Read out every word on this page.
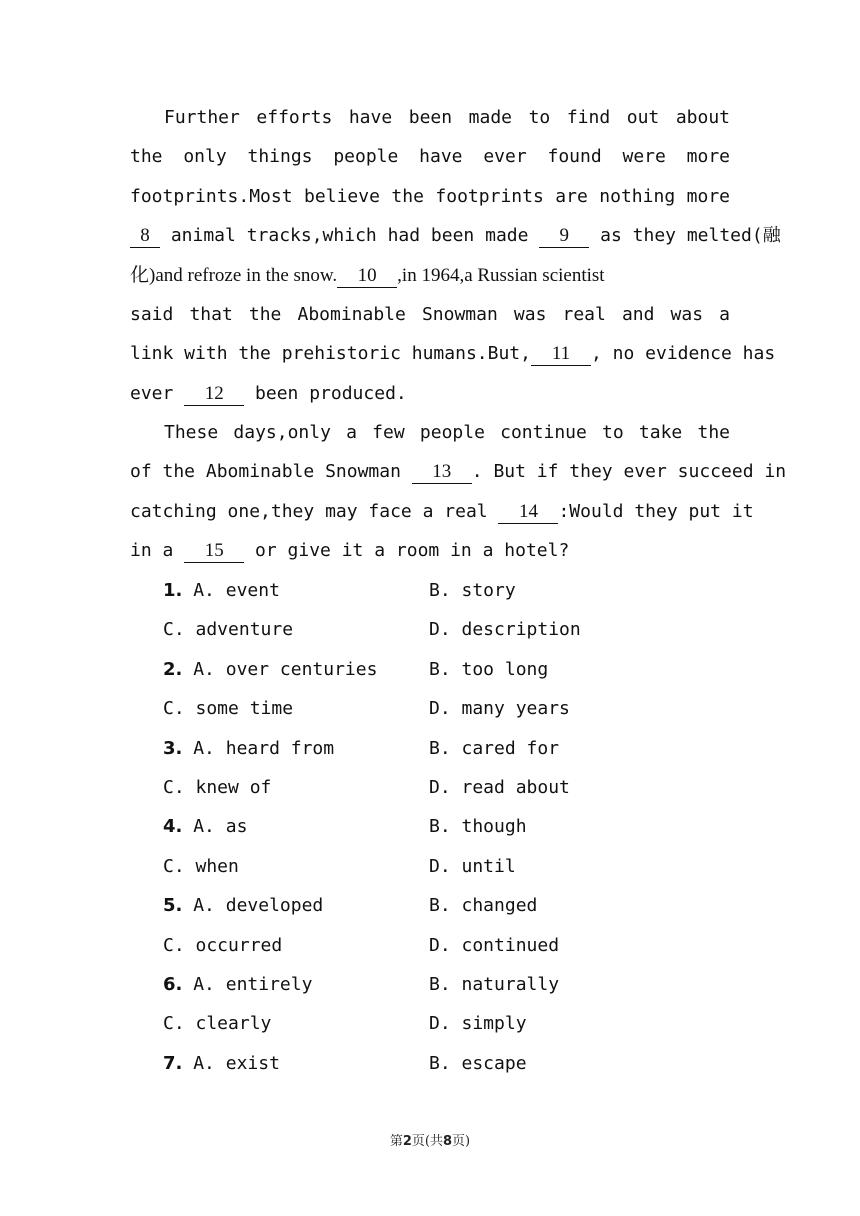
Further efforts have been made to find out about
the only things people have ever found were more
footprints.Most believe the footprints are nothing more
8 animal tracks,which had been made 9 as they melted(融
化)and refroze in the snow. 10 ,in 1964,a Russian scientist
said that the Abominable Snowman was real and was a
link with the prehistoric humans.But, 11 , no evidence has
ever 12 been produced.
These days,only a few people continue to take the
of the Abominable Snowman 13 . But if they ever succeed in
catching one,they may face a real 14 :Would they put it
in a 15 or give it a room in a hotel?
1. A. event	B. story
C. adventure	D. description
2. A. over centuries	B. too long
C. some time	D. many years
3. A. heard from	B. cared for
C. knew of	D. read about
4. A. as	B. though
C. when	D. until
5. A. developed	B. changed
C. occurred	D. continued
6. A. entirely	B. naturally
C. clearly	D. simply
7. A. exist	B. escape
第2页(共8页)
